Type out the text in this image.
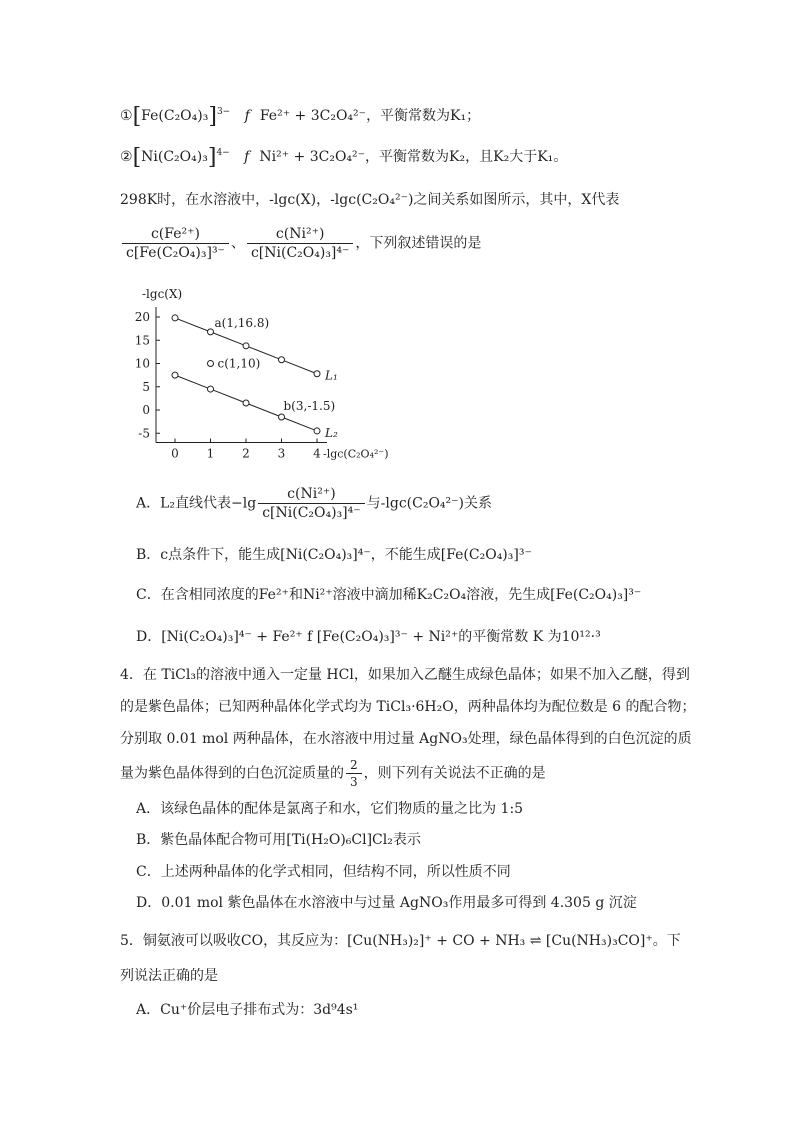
$①[Fe(C_2O_4)_3]^{3-}$ f Fe²⁺ + 3C₂O₄²⁻，平衡常数为K₁；
$②[Ni(C_2O_4)_3]^{4-}$ f Ni²⁺ + 3C₂O₄²⁻，平衡常数为K₂，且K₂大于K₁。
298K时，在水溶液中，-lgc(X)，-lgc(C₂O₄²⁻)之间关系如图所示，其中，X代表
$\frac{\text{c(Fe²⁺)}}{\text{c[Fe(C₂O₄)₃]³⁻}}$ 、 $\frac{\text{c(Ni²⁺)}}{\text{c[Ni(C₂O₄)₃]⁴⁻}}$ ，下列叙述错误的是
20
15
10
5
0
-5
0 1 2 3 4
-lgc(X)
-lgc(C₂O₄²⁻)
L₁
L₂
a(1,16.8)
c(1,10)
b(3,-1.5)
A．L₂直线代表$-\lg \frac{\text{c(Ni²⁺)}}{\text{c[Ni(C₂O₄)₃]⁴⁻}}$ 与-lgc(C₂O₄²⁻)关系
B．c点条件下，能生成[Ni(C₂O₄)₃]⁴⁻，不能生成[Fe(C₂O₄)₃]³⁻
C．在含相同浓度的Fe²⁺和Ni²⁺溶液中滴加稀K₂C₂O₄溶液，先生成[Fe(C₂O₄)₃]³⁻
D．[Ni(C₂O₄)₃]⁴⁻ + Fe²⁺ f [Fe(C₂O₄)₃]³⁻ + Ni²⁺的平衡常数 K 为10¹²·³
4．在 TiCl₃的溶液中通入一定量 HCl，如果加入乙醚生成绿色晶体；如果不加入乙醚，得到
的是紫色晶体；已知两种晶体化学式均为 TiCl₃·6H₂O，两种晶体均为配位数是 6 的配合物；
分别取 0.01 mol 两种晶体，在水溶液中用过量 AgNO₃处理，绿色晶体得到的白色沉淀的质
量为紫色晶体得到的白色沉淀质量的 $\frac{2}{3}$ ，则下列有关说法不正确的是
A．该绿色晶体的配体是氯离子和水，它们物质的量之比为 1:5
B．紫色晶体配合物可用[Ti(H₂O)₆Cl]Cl₂表示
C．上述两种晶体的化学式相同，但结构不同，所以性质不同
D．0.01 mol 紫色晶体在水溶液中与过量 AgNO₃作用最多可得到 4.305 g 沉淀
5．铜氨液可以吸收CO，其反应为：[Cu(NH₃)₂]⁺ + CO + NH₃ ⇌ [Cu(NH₃)₃CO]⁺。下
列说法正确的是
A．Cu⁺价层电子排布式为：3d⁹4s¹
